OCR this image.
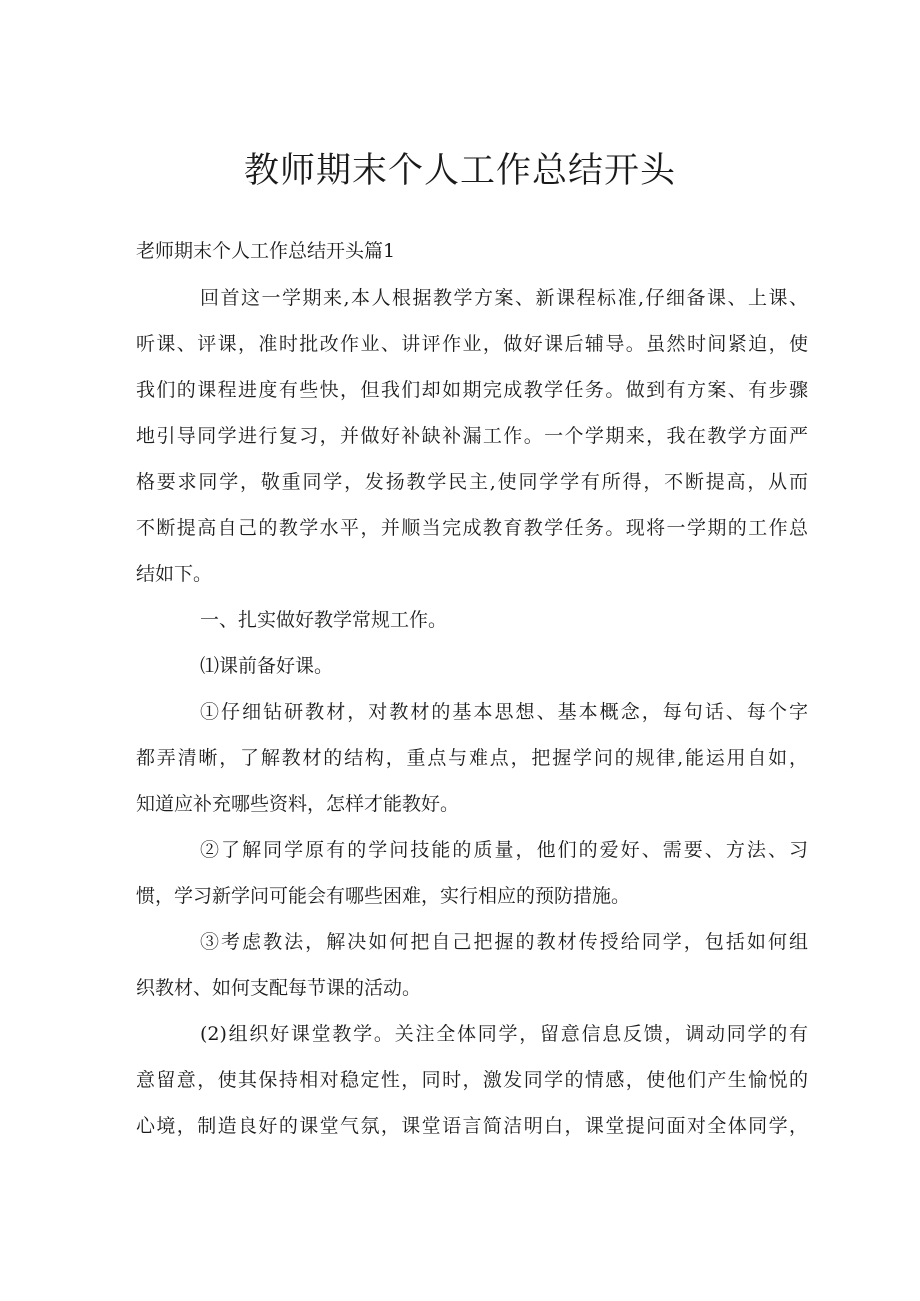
教师期末个人工作总结开头

老师期末个人工作总结开头篇1

回首这一学期来,本人根据教学方案、新课程标准,仔细备课、上课、
听课、评课，准时批改作业、讲评作业，做好课后辅导。虽然时间紧迫，使
我们的课程进度有些快，但我们却如期完成教学任务。做到有方案、有步骤
地引导同学进行复习，并做好补缺补漏工作。一个学期来，我在教学方面严
格要求同学，敬重同学，发扬教学民主,使同学学有所得，不断提高，从而
不断提高自己的教学水平，并顺当完成教育教学任务。现将一学期的工作总
结如下。
一、扎实做好教学常规工作。
⑴课前备好课。
①仔细钻研教材，对教材的基本思想、基本概念，每句话、每个字
都弄清晰，了解教材的结构，重点与难点，把握学问的规律,能运用自如，
知道应补充哪些资料，怎样才能教好。
②了解同学原有的学问技能的质量，他们的爱好、需要、方法、习
惯，学习新学问可能会有哪些困难，实行相应的预防措施。
③考虑教法，解决如何把自己把握的教材传授给同学，包括如何组
织教材、如何支配每节课的活动。
(2)组织好课堂教学。关注全体同学，留意信息反馈，调动同学的有
意留意，使其保持相对稳定性，同时，激发同学的情感，使他们产生愉悦的
心境，制造良好的课堂气氛，课堂语言简洁明白，课堂提问面对全体同学，
